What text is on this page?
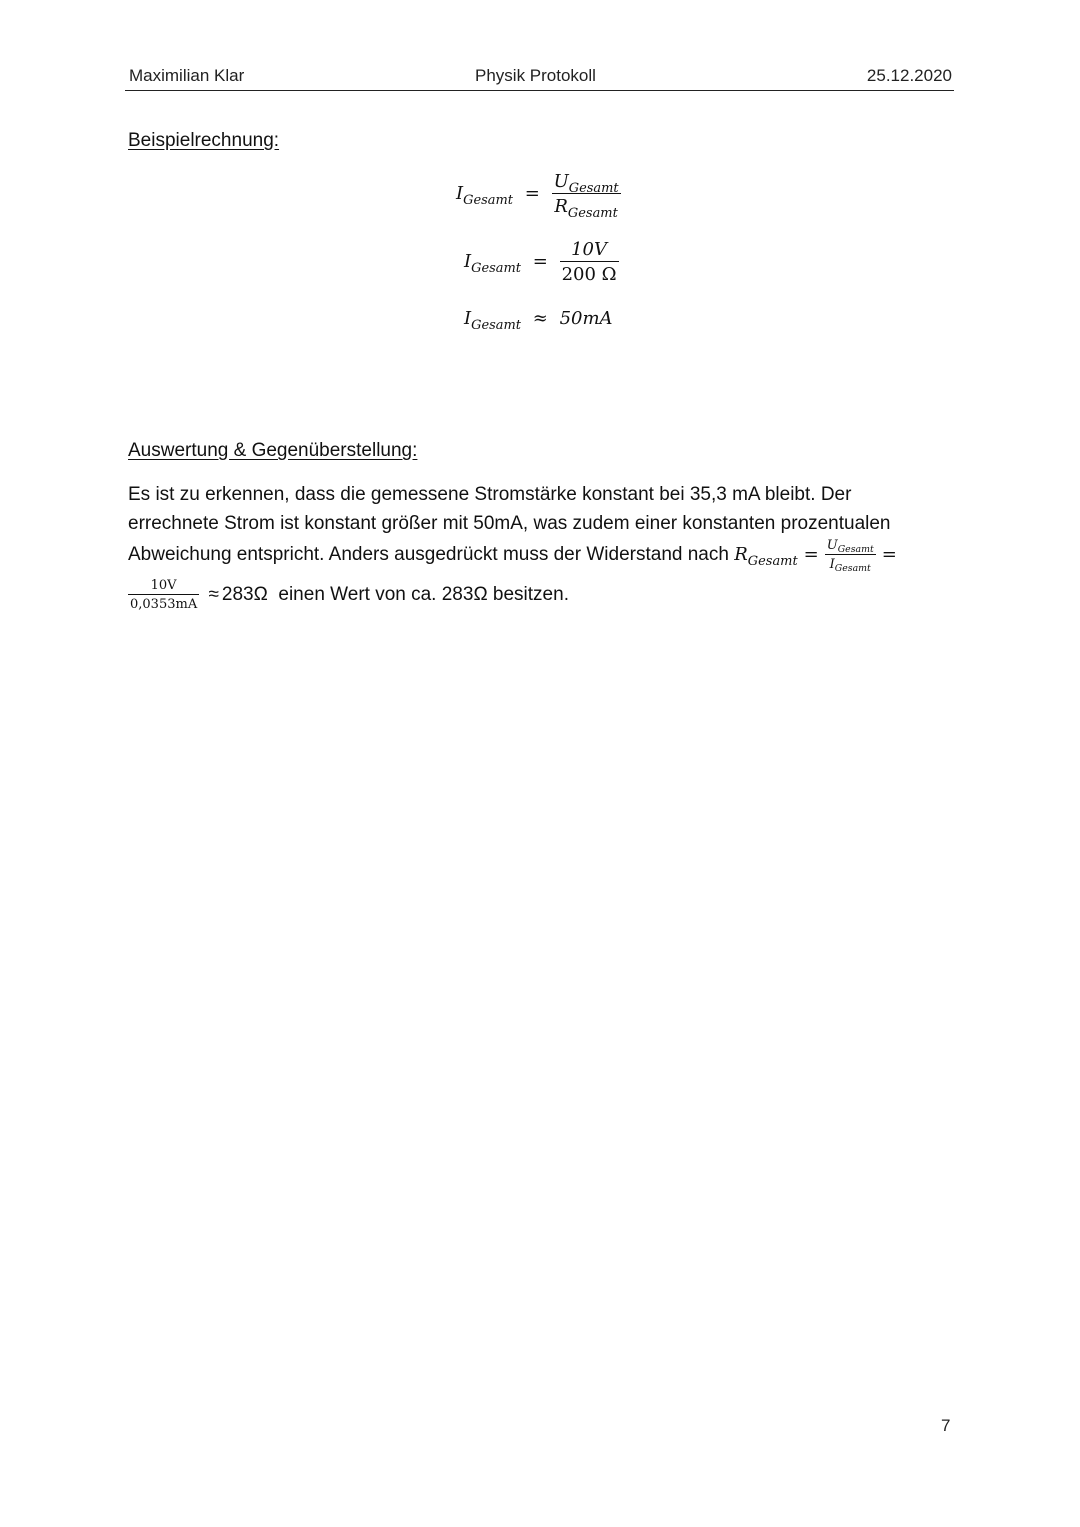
Maximilian Klar	Physik Protokoll	25.12.2020
Beispielrechnung:
$I_{Gesamt} = \frac{U_{Gesamt}}{R_{Gesamt}}$
$I_{Gesamt} = \frac{10V}{200 \Omega}$
$I_{Gesamt} \approx 50mA$
Auswertung & Gegenüberstellung:
Es ist zu erkennen, dass die gemessene Stromstärke konstant bei 35,3 mA bleibt. Der
errechnete Strom ist konstant größer mit 50mA, was zudem einer konstanten prozentualen
Abweichung entspricht. Anders ausgedrückt muss der Widerstand nach $R_{Gesamt} = \frac{U_{Gesamt}}{I_{Gesamt}}$ =
$\frac{10V}{0,0353mA} \approx 283\Omega$ einen Wert von ca. 283Ω besitzen.
7
